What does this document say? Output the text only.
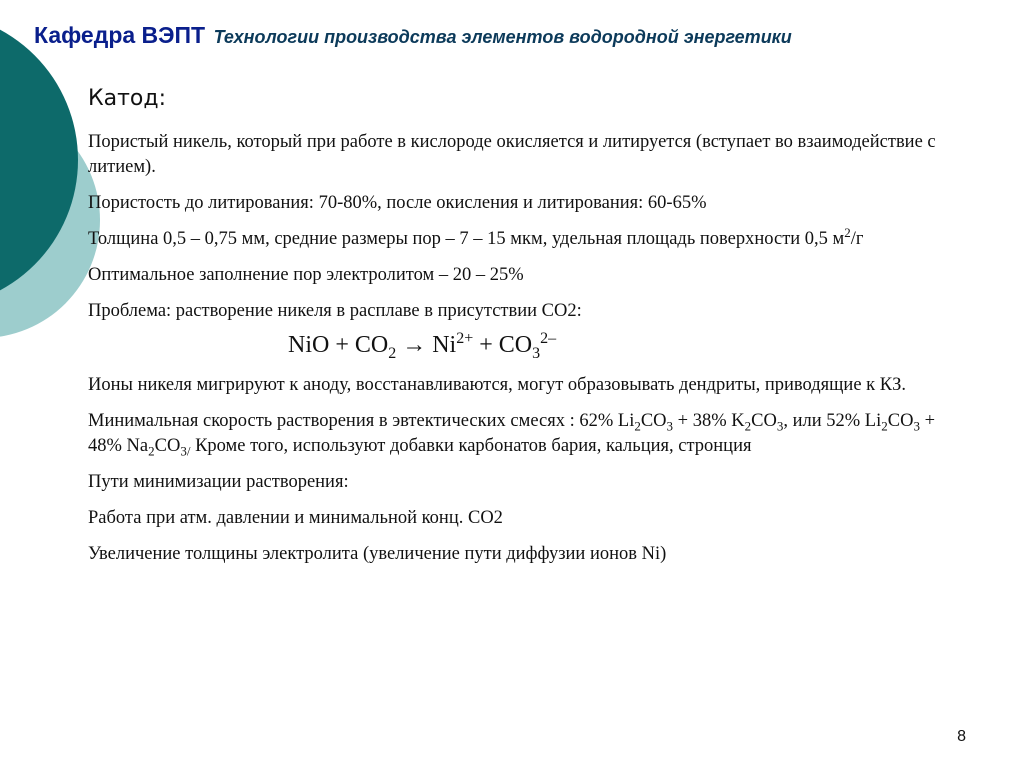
Кафедра ВЭПТ Технологии производства элементов водородной энергетики
Катод:

Пористый никель, который при работе в кислороде окисляется и литируется (вступает во взаимодействие с литием).

Пористость до литирования: 70-80%, после окисления и литирования: 60-65%

Толщина 0,5 – 0,75 мм, средние размеры пор – 7 – 15 мкм, удельная площадь поверхности 0,5 $м^2/г$

Оптимальное заполнение пор электролитом – 20 – 25%

Проблема: растворение никеля в расплаве в присутствии СО2:

NiO + $CO_2 \to Ni^{2+} + CO_3^{2-}$

Ионы никеля мигрируют к аноду, восстанавливаются, могут образовывать дендриты, приводящие к КЗ.

Минимальная скорость растворения в эвтектических смесях : 62% $Li_2CO_3 + 38\%$ $K_2CO_3$, или 52% $Li_2CO_3 + 48\%$ $Na_2CO_{3/}$ Кроме того, используют добавки карбонатов бария, кальция, стронция

Пути минимизации растворения:

Работа при атм. давлении и минимальной конц. СО2

Увеличение толщины электролита (увеличение пути диффузии ионов Ni)

8
